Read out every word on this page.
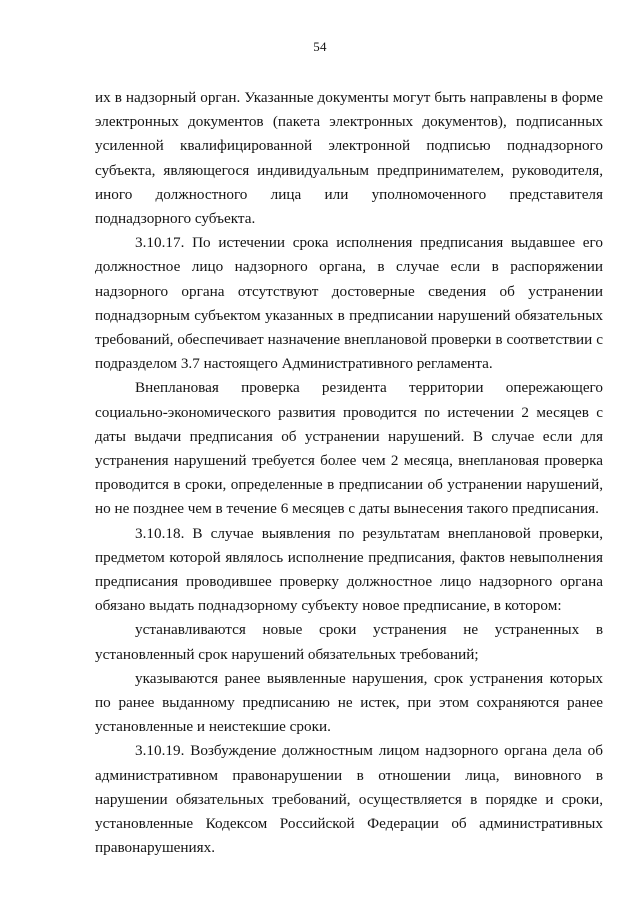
54

их в надзорный орган. Указанные документы могут быть направлены в форме электронных документов (пакета электронных документов), подписанных усиленной квалифицированной электронной подписью поднадзорного субъекта, являющегося индивидуальным предпринимателем, руководителя, иного должностного лица или уполномоченного представителя поднадзорного субъекта.

3.10.17. По истечении срока исполнения предписания выдавшее его должностное лицо надзорного органа, в случае если в распоряжении надзорного органа отсутствуют достоверные сведения об устранении поднадзорным субъектом указанных в предписании нарушений обязательных требований, обеспечивает назначение внеплановой проверки в соответствии с подразделом 3.7 настоящего Административного регламента.

Внеплановая проверка резидента территории опережающего социально-экономического развития проводится по истечении 2 месяцев с даты выдачи предписания об устранении нарушений. В случае если для устранения нарушений требуется более чем 2 месяца, внеплановая проверка проводится в сроки, определенные в предписании об устранении нарушений, но не позднее чем в течение 6 месяцев с даты вынесения такого предписания.

3.10.18. В случае выявления по результатам внеплановой проверки, предметом которой являлось исполнение предписания, фактов невыполнения предписания проводившее проверку должностное лицо надзорного органа обязано выдать поднадзорному субъекту новое предписание, в котором:

устанавливаются новые сроки устранения не устраненных в установленный срок нарушений обязательных требований;

указываются ранее выявленные нарушения, срок устранения которых по ранее выданному предписанию не истек, при этом сохраняются ранее установленные и неистекшие сроки.

3.10.19. Возбуждение должностным лицом надзорного органа дела об административном правонарушении в отношении лица, виновного в нарушении обязательных требований, осуществляется в порядке и сроки, установленные Кодексом Российской Федерации об административных правонарушениях.
